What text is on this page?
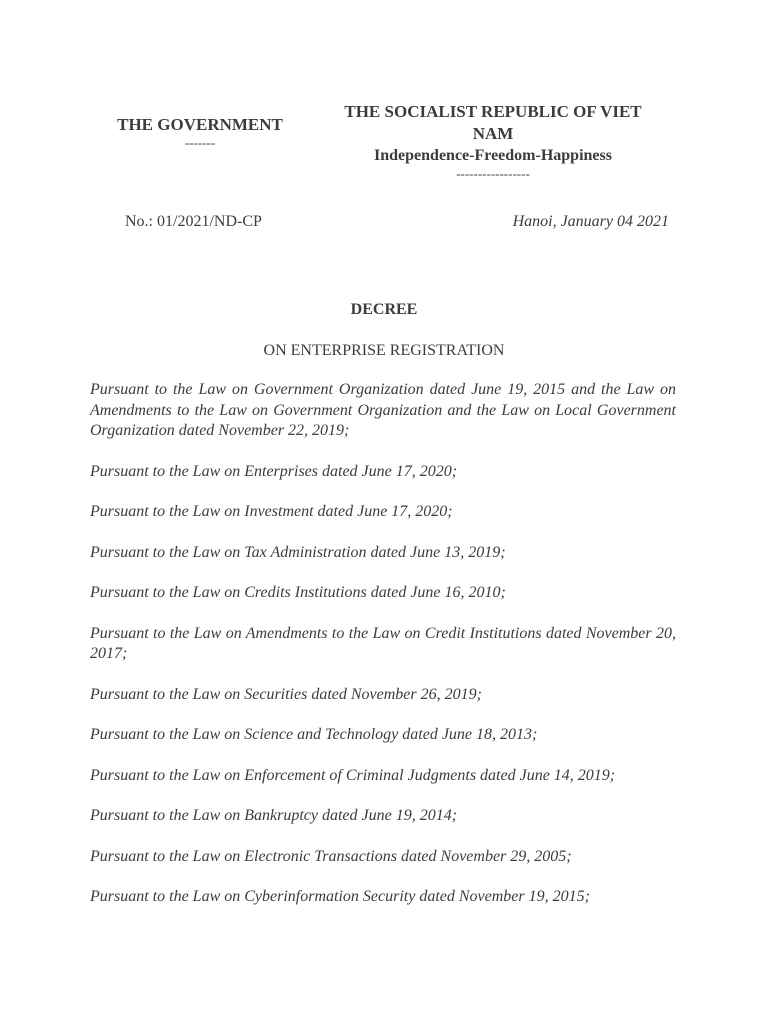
THE GOVERNMENT
-------
THE SOCIALIST REPUBLIC OF VIET NAM
Independence-Freedom-Happiness
-----------------
No.: 01/2021/ND-CP	Hanoi, January 04 2021
DECREE
ON ENTERPRISE REGISTRATION

Pursuant to the Law on Government Organization dated June 19, 2015 and the Law on Amendments to the Law on Government Organization and the Law on Local Government Organization dated November 22, 2019;

Pursuant to the Law on Enterprises dated June 17, 2020;

Pursuant to the Law on Investment dated June 17, 2020;

Pursuant to the Law on Tax Administration dated June 13, 2019;

Pursuant to the Law on Credits Institutions dated June 16, 2010;

Pursuant to the Law on Amendments to the Law on Credit Institutions dated November 20, 2017;

Pursuant to the Law on Securities dated November 26, 2019;

Pursuant to the Law on Science and Technology dated June 18, 2013;

Pursuant to the Law on Enforcement of Criminal Judgments dated June 14, 2019;

Pursuant to the Law on Bankruptcy dated June 19, 2014;

Pursuant to the Law on Electronic Transactions dated November 29, 2005;

Pursuant to the Law on Cyberinformation Security dated November 19, 2015;
